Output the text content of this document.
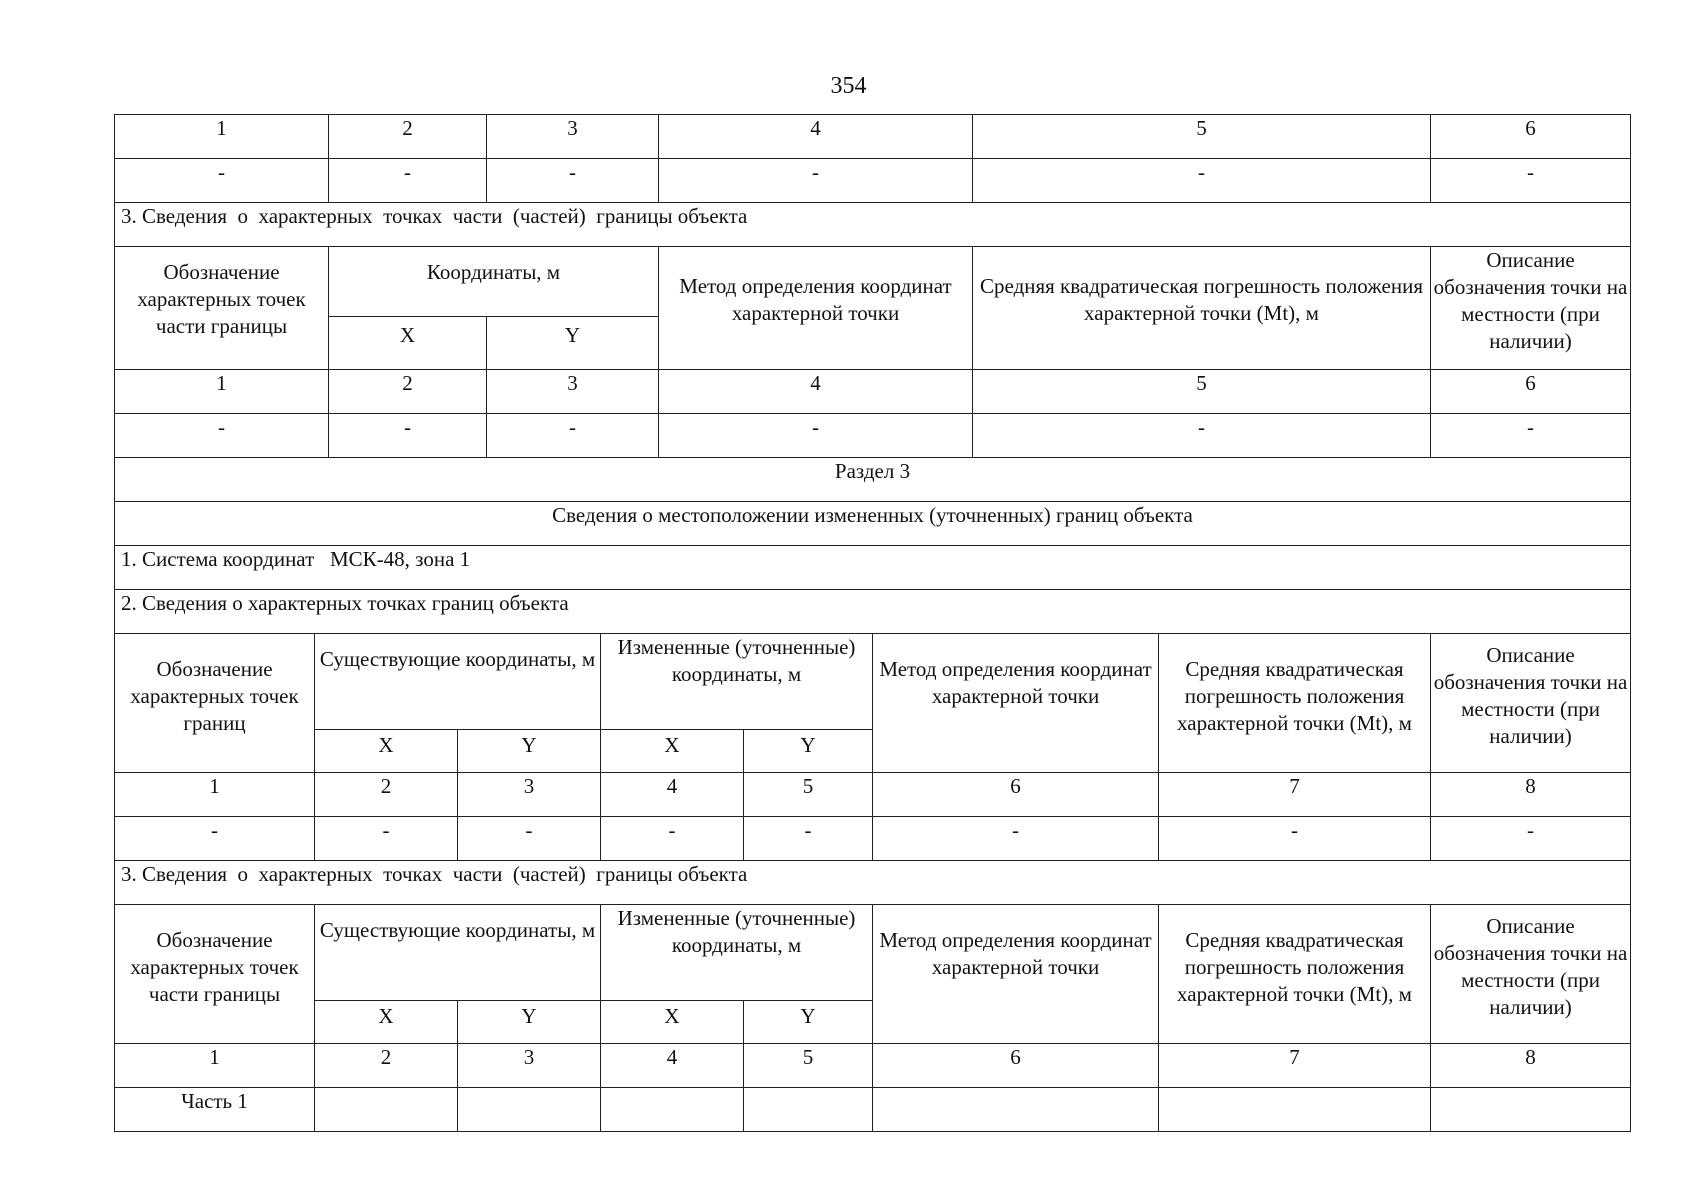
354
1	2	3	4	5	6
-	-	-	-	-	-
3. Сведения  о  характерных  точках  части  (частей)  границы объекта					
Обозначение характерных точек части границы	Координаты, м		Метод определения координат характерной точки	Средняя квадратическая погрешность положения характерной точки (Mt), м	Описание обозначения точки на местности (при наличии)
	X	Y			
1	2	3	4	5	6
-	-	-	-	-	-
Раздел 3					
Сведения о местоположении измененных (уточненных) границ объекта					
1. Система координат   МСК-48, зона 1					
2. Сведения о характерных точках границ объекта					
Обозначение характерных точек границ	Существующие координаты, м		Измененные (уточненные) координаты, м		Метод определения координат характерной точки	Средняя квадратическая погрешность положения характерной точки (Mt), м	Описание обозначения точки на местности (при наличии)
	X	Y	X	Y			
1	2	3	4	5	6	7	8
-	-	-	-	-	-	-	-
3. Сведения  о  характерных  точках  части  (частей)  границы объекта							
Обозначение характерных точек части границы	Существующие координаты, м		Измененные (уточненные) координаты, м		Метод определения координат характерной точки	Средняя квадратическая погрешность положения характерной точки (Mt), м	Описание обозначения точки на местности (при наличии)
	X	Y	X	Y			
1	2	3	4	5	6	7	8
Часть 1							
